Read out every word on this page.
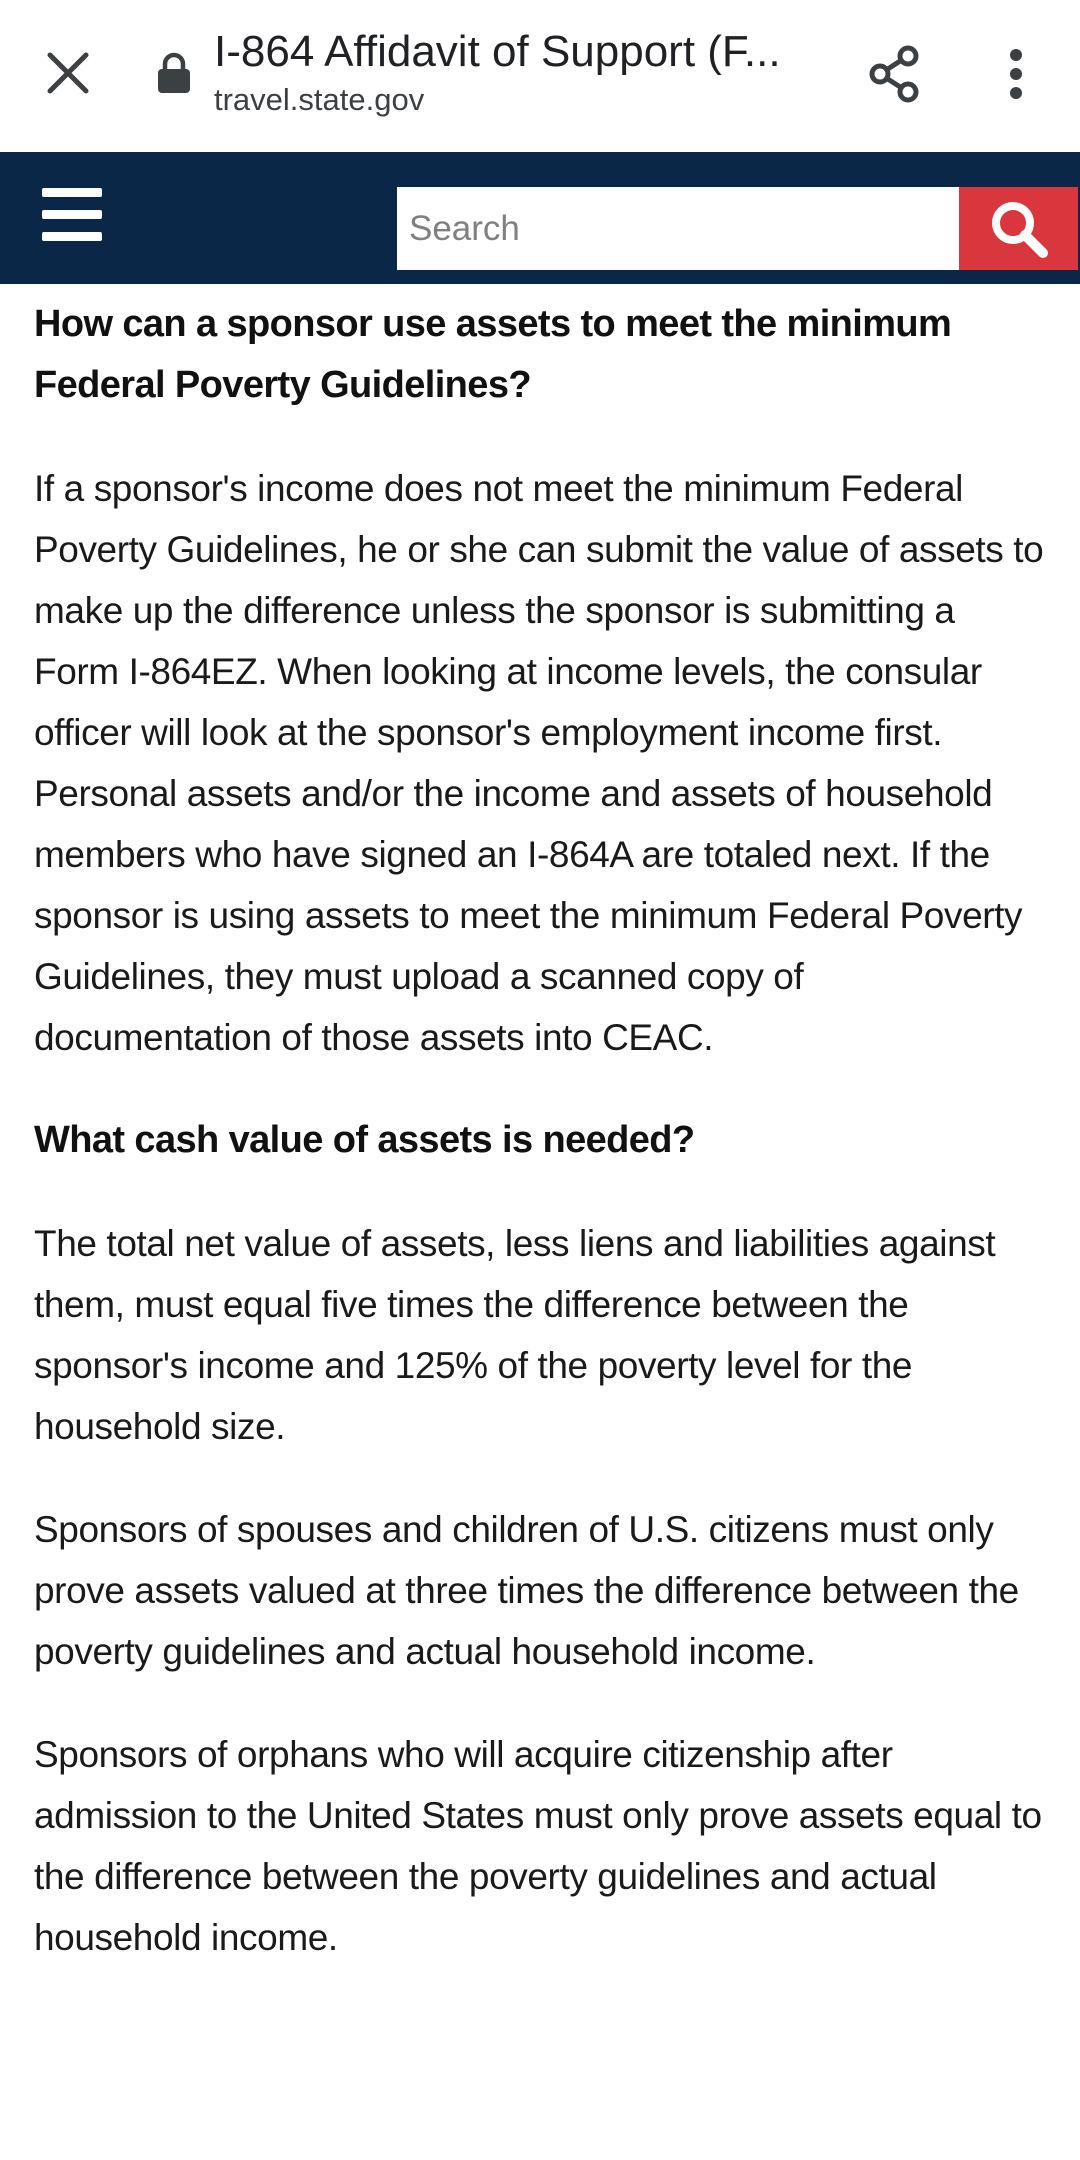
I-864 Affidavit of Support (F...
travel.state.gov
Search
How can a sponsor use assets to meet the minimum Federal Poverty Guidelines?
If a sponsor's income does not meet the minimum Federal Poverty Guidelines, he or she can submit the value of assets to make up the difference unless the sponsor is submitting a Form I-864EZ. When looking at income levels, the consular officer will look at the sponsor's employment income first. Personal assets and/or the income and assets of household members who have signed an I-864A are totaled next. If the sponsor is using assets to meet the minimum Federal Poverty Guidelines, they must upload a scanned copy of documentation of those assets into CEAC.
What cash value of assets is needed?
The total net value of assets, less liens and liabilities against them, must equal five times the difference between the sponsor's income and 125% of the poverty level for the household size.
Sponsors of spouses and children of U.S. citizens must only prove assets valued at three times the difference between the poverty guidelines and actual household income.
Sponsors of orphans who will acquire citizenship after admission to the United States must only prove assets equal to the difference between the poverty guidelines and actual household income.
